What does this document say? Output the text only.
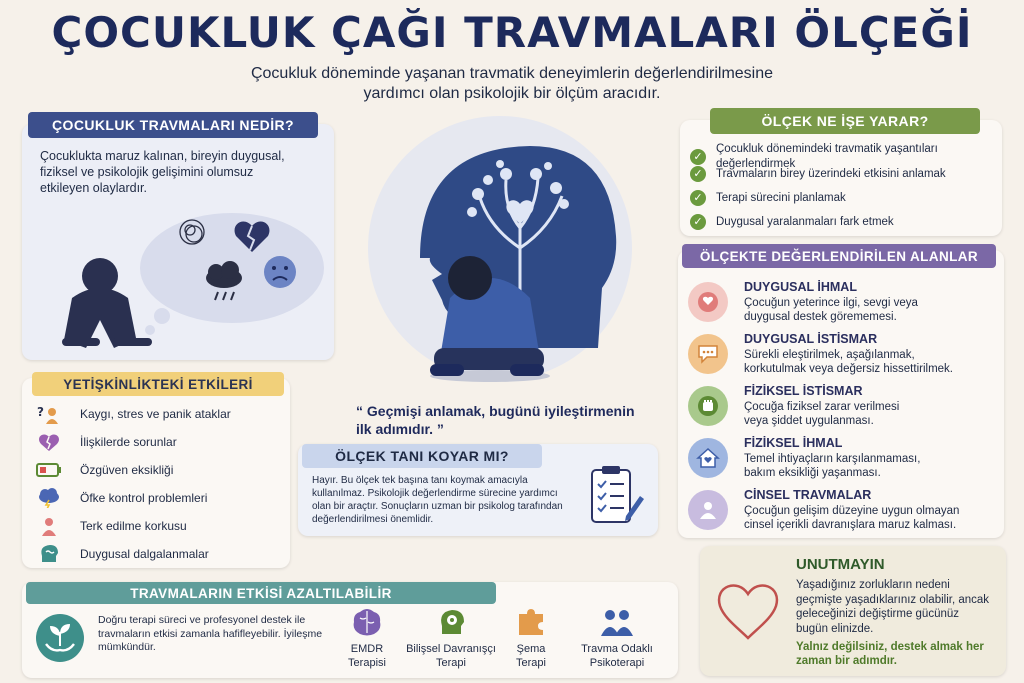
ÇOCUKLUK ÇAĞI TRAVMALARI ÖLÇEĞİ
Çocukluk döneminde yaşanan travmatik deneyimlerin değerlendirilmesine
yardımcı olan psikolojik bir ölçüm aracıdır.
ÇOCUKLUK TRAVMALARI NEDİR?
Çocuklukta maruz kalınan, bireyin duygusal, fiziksel ve psikolojik gelişimini olumsuz etkileyen olaylardır.
“ Geçmişi anlamak, bugünü iyileştirmenin ilk adımıdır. ”
ÖLÇEK NE İŞE YARAR?
✓
Çocukluk dönemindeki travmatik yaşantıları değerlendirmek
✓ Travmaların birey üzerindeki etkisini anlamak
✓ Terapi sürecini planlamak
✓ Duygusal yaralanmaları fark etmek
ÖLÇEKTE DEĞERLENDİRİLEN ALANLAR
DUYGUSAL İHMAL
Çocuğun yeterince ilgi, sevgi veya
duygusal destek görememesi.
DUYGUSAL İSTİSMAR
Sürekli eleştirilmek, aşağılanmak,
korkutulmak veya değersiz hissettirilmek.
FİZİKSEL İSTİSMAR
Çocuğa fiziksel zarar verilmesi
veya şiddet uygulanması.
FİZİKSEL İHMAL
Temel ihtiyaçların karşılanmaması,
bakım eksikliği yaşanması.
CİNSEL TRAVMALAR
Çocuğun gelişim düzeyine uygun olmayan
cinsel içerikli davranışlara maruz kalması.
YETİŞKİNLİKTEKİ ETKİLERİ
?	Kaygı, stres ve panik ataklar
İlişkilerde sorunlar
Özgüven eksikliği
Öfke kontrol problemleri
Terk edilme korkusu
Duygusal dalgalanmalar
ÖLÇEK TANI KOYAR MI?
Hayır. Bu ölçek tek başına tanı koymak amacıyla kullanılmaz. Psikolojik değerlendirme sürecine yardımcı olan bir araçtır. Sonuçların uzman bir psikolog tarafından değerlendirilmesi önemlidir.
TRAVMALARIN ETKİSİ AZALTILABİLİR
Doğru terapi süreci ve profesyonel destek ile travmaların etkisi zamanla hafifleyebilir. İyileşme mümkündür.	EMDR
Terapisi
Bilişsel Davranışçı
Terapi
Şema
Terapi
Travma Odaklı
Psikoterapi
UNUTMAYIN
Yaşadığınız zorlukların nedeni geçmişte yaşadıklarınız olabilir, ancak geleceğinizi değiştirme gücünüz bugün elinizde.
Yalnız değilsiniz, destek almak her zaman bir adımdır.
